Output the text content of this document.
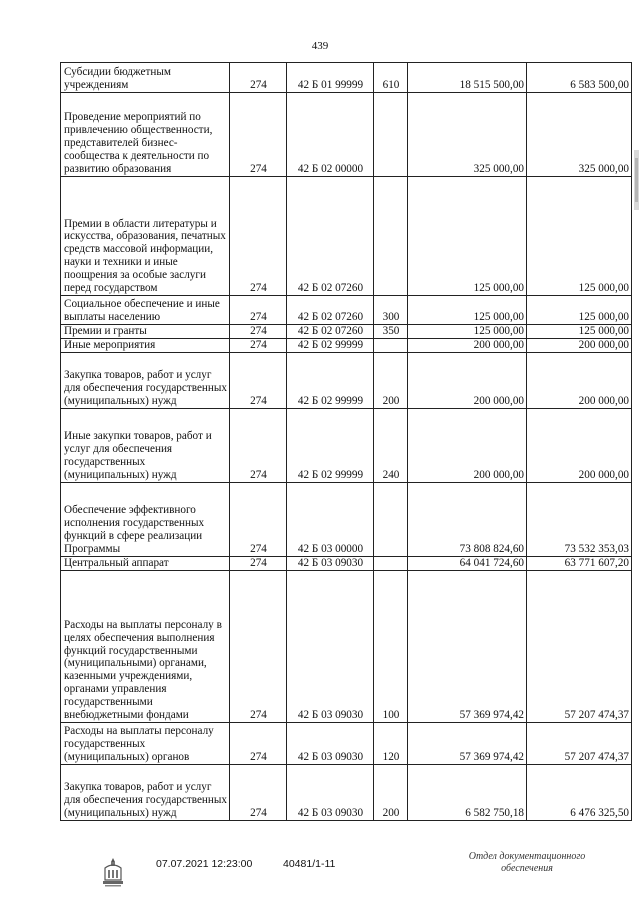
439
Субсидии бюджетным учреждениям	274	42 Б 01 99999	610	18 515 500,00	6 583 500,00
Проведение мероприятий по привлечению общественности, представителей бизнес-сообщества к деятельности по развитию образования	274	42 Б 02 00000		325 000,00	325 000,00
Премии в области литературы и искусства, образования, печатных средств массовой информации, науки и техники и иные поощрения за особые заслуги перед государством	274	42 Б 02 07260		125 000,00	125 000,00
Социальное обеспечение и иные выплаты населению	274	42 Б 02 07260	300	125 000,00	125 000,00
Премии и гранты	274	42 Б 02 07260	350	125 000,00	125 000,00
Иные мероприятия	274	42 Б 02 99999		200 000,00	200 000,00
Закупка товаров, работ и услуг для обеспечения государственных (муниципальных) нужд	274	42 Б 02 99999	200	200 000,00	200 000,00
Иные закупки товаров, работ и услуг для обеспечения государственных (муниципальных) нужд	274	42 Б 02 99999	240	200 000,00	200 000,00
Обеспечение эффективного исполнения государственных функций в сфере реализации Программы	274	42 Б 03 00000		73 808 824,60	73 532 353,03
Центральный аппарат	274	42 Б 03 09030		64 041 724,60	63 771 607,20
Расходы на выплаты персоналу в целях обеспечения выполнения функций государственными (муниципальными) органами, казенными учреждениями, органами управления государственными внебюджетными фондами	274	42 Б 03 09030	100	57 369 974,42	57 207 474,37
Расходы на выплаты персоналу государственных (муниципальных) органов	274	42 Б 03 09030	120	57 369 974,42	57 207 474,37
Закупка товаров, работ и услуг для обеспечения государственных (муниципальных) нужд	274	42 Б 03 09030	200	6 582 750,18	6 476 325,50
07.07.2021 12:23:00	40481/1-11
Отдел документационного
обеспечения
